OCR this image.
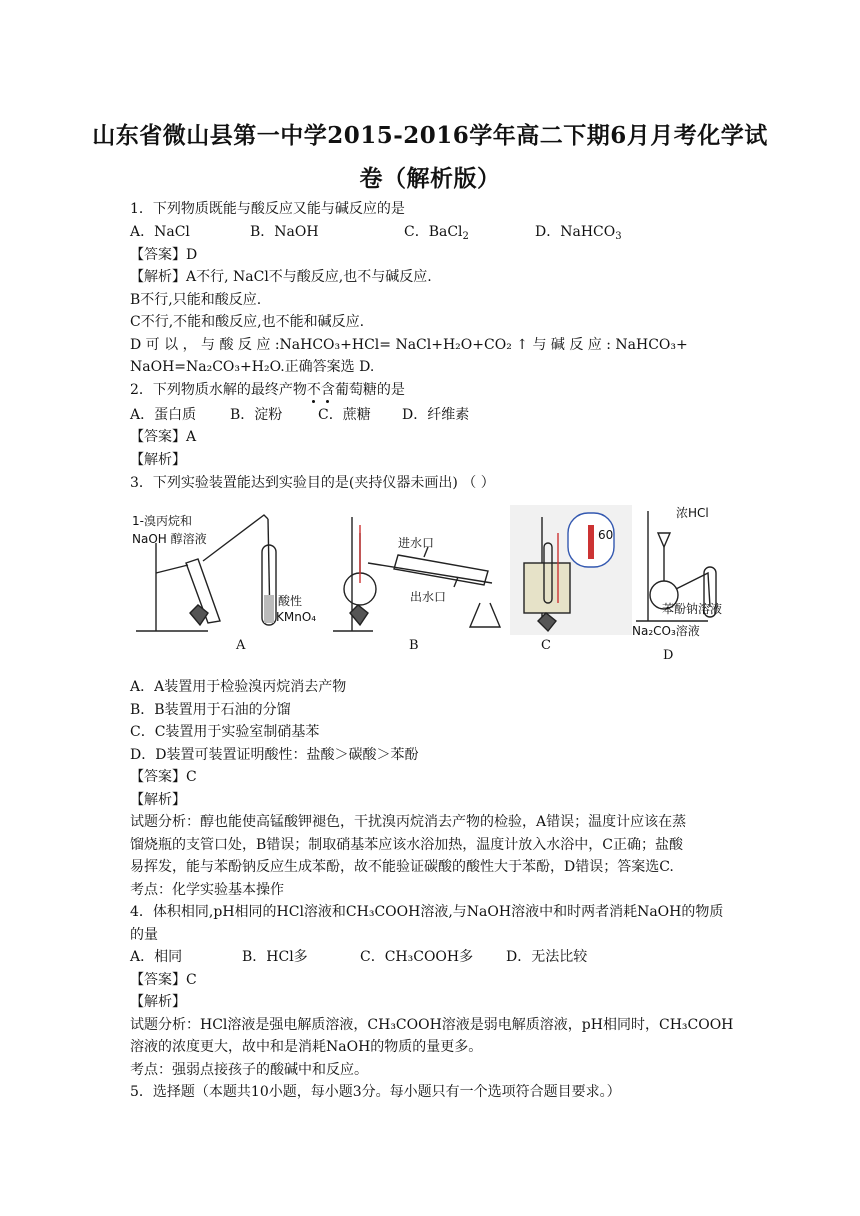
山东省微山县第一中学2015-2016学年高二下期6月月考化学试
卷（解析版）
1．下列物质既能与酸反应又能与碱反应的是
A．NaCl	B．NaOH	C．BaCl$_2$	D．NaHCO$_3$
【答案】D
【解析】A不行, NaCl不与酸反应,也不与碱反应.
B不行,只能和酸反应.
C不行,不能和酸反应,也不能和碱反应.
D 可 以 ， 与 酸 反 应 :NaHCO₃+HCl= NaCl+H₂O+CO₂ ↑ 与 碱 反 应 : NaHCO₃+
NaOH=Na₂CO₃+H₂O.正确答案选 D.
2．下列物质水解的最终产物不含葡萄糖的是
A．蛋白质 B．淀粉	C．蔗糖 D．纤维素
【答案】A
【解析】
3．下列实验装置能达到实验目的是(夹持仪器未画出) （ ）
1-溴丙烷和
NaOH 醇溶液
酸性
KMnO₄
进水口
出水口
60
浓HCl
苯酚钠溶液
Na₂CO₃溶液
A	B	C
D
A．A装置用于检验溴丙烷消去产物
B．B装置用于石油的分馏
C．C装置用于实验室制硝基苯
D．D装置可装置证明酸性：盐酸＞碳酸＞苯酚
【答案】C
【解析】
试题分析：醇也能使高锰酸钾褪色，干扰溴丙烷消去产物的检验，A错误；温度计应该在蒸
馏烧瓶的支管口处，B错误；制取硝基苯应该水浴加热，温度计放入水浴中，C正确；盐酸
易挥发，能与苯酚钠反应生成苯酚，故不能验证碳酸的酸性大于苯酚，D错误；答案选C.
考点：化学实验基本操作
4．体积相同,pH相同的HCl溶液和CH₃COOH溶液,与NaOH溶液中和时两者消耗NaOH的物质
的量
A．相同	B．HCl多	C．CH₃COOH多 D．无法比较
【答案】C
【解析】
试题分析：HCl溶液是强电解质溶液，CH₃COOH溶液是弱电解质溶液，pH相同时，CH₃COOH
溶液的浓度更大，故中和是消耗NaOH的物质的量更多。
考点：强弱点接孩子的酸碱中和反应。
5．选择题（本题共10小题，每小题3分。每小题只有一个选项符合题目要求。）
